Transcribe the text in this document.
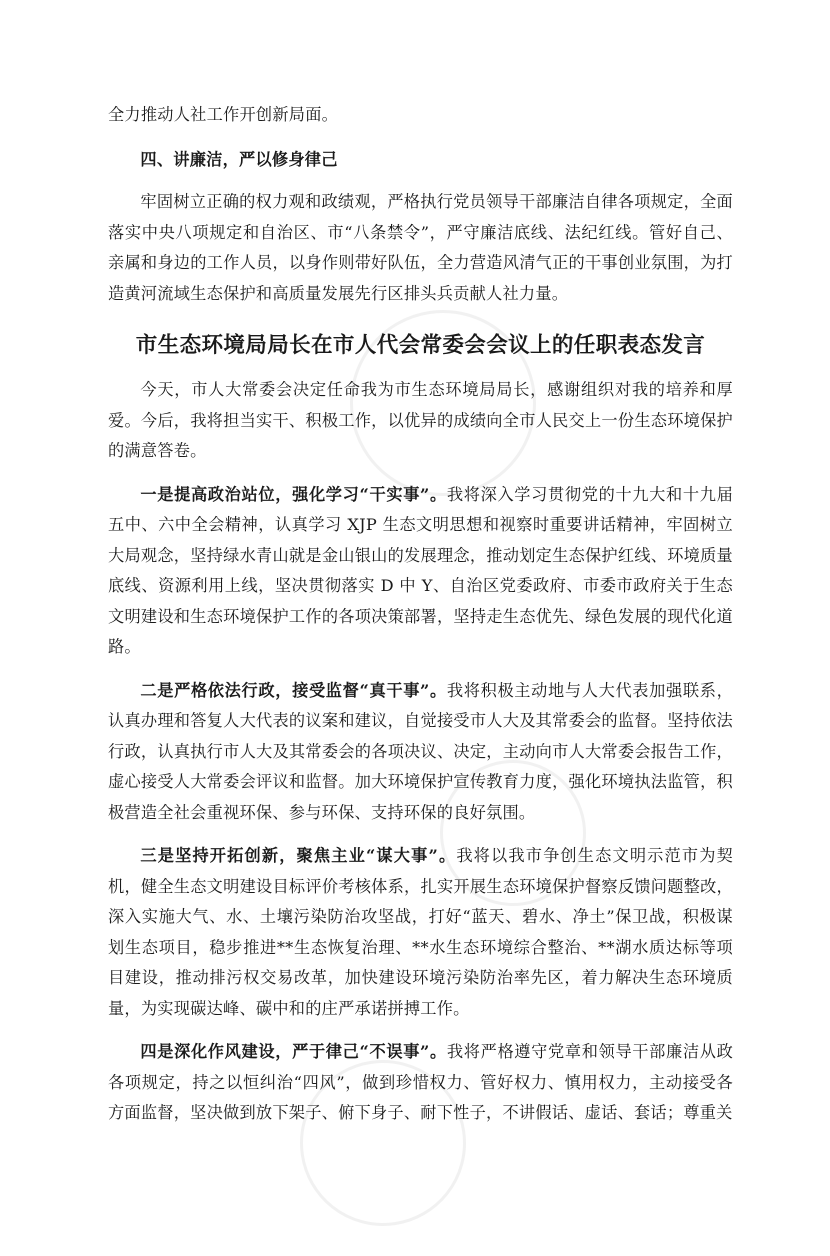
全力推动人社工作开创新局面。

四、讲廉洁，严以修身律己

牢固树立正确的权力观和政绩观，严格执行党员领导干部廉洁自律各项规定，全面落实中央八项规定和自治区、市“八条禁令”，严守廉洁底线、法纪红线。管好自己、亲属和身边的工作人员，以身作则带好队伍，全力营造风清气正的干事创业氛围，为打造黄河流域生态保护和高质量发展先行区排头兵贡献人社力量。

市生态环境局局长在市人代会常委会会议上的任职表态发言

今天，市人大常委会决定任命我为市生态环境局局长，感谢组织对我的培养和厚爱。今后，我将担当实干、积极工作，以优异的成绩向全市人民交上一份生态环境保护的满意答卷。

一是提高政治站位，强化学习“干实事”。我将深入学习贯彻党的十九大和十九届五中、六中全会精神，认真学习 XJP 生态文明思想和视察时重要讲话精神，牢固树立大局观念，坚持绿水青山就是金山银山的发展理念，推动划定生态保护红线、环境质量底线、资源利用上线，坚决贯彻落实 D 中 Y、自治区党委政府、市委市政府关于生态文明建设和生态环境保护工作的各项决策部署，坚持走生态优先、绿色发展的现代化道路。

二是严格依法行政，接受监督“真干事”。我将积极主动地与人大代表加强联系，认真办理和答复人大代表的议案和建议，自觉接受市人大及其常委会的监督。坚持依法行政，认真执行市人大及其常委会的各项决议、决定，主动向市人大常委会报告工作，虚心接受人大常委会评议和监督。加大环境保护宣传教育力度，强化环境执法监管，积极营造全社会重视环保、参与环保、支持环保的良好氛围。

三是坚持开拓创新，聚焦主业“谋大事”。我将以我市争创生态文明示范市为契机，健全生态文明建设目标评价考核体系，扎实开展生态环境保护督察反馈问题整改，深入实施大气、水、土壤污染防治攻坚战，打好“蓝天、碧水、净土”保卫战，积极谋划生态项目，稳步推进**生态恢复治理、**水生态环境综合整治、**湖水质达标等项目建设，推动排污权交易改革，加快建设环境污染防治率先区，着力解决生态环境质量，为实现碳达峰、碳中和的庄严承诺拼搏工作。

四是深化作风建设，严于律己“不误事”。我将严格遵守党章和领导干部廉洁从政各项规定，持之以恒纠治“四风”，做到珍惜权力、管好权力、慎用权力，主动接受各方面监督，坚决做到放下架子、俯下身子、耐下性子，不讲假话、虚话、套话；尊重关
